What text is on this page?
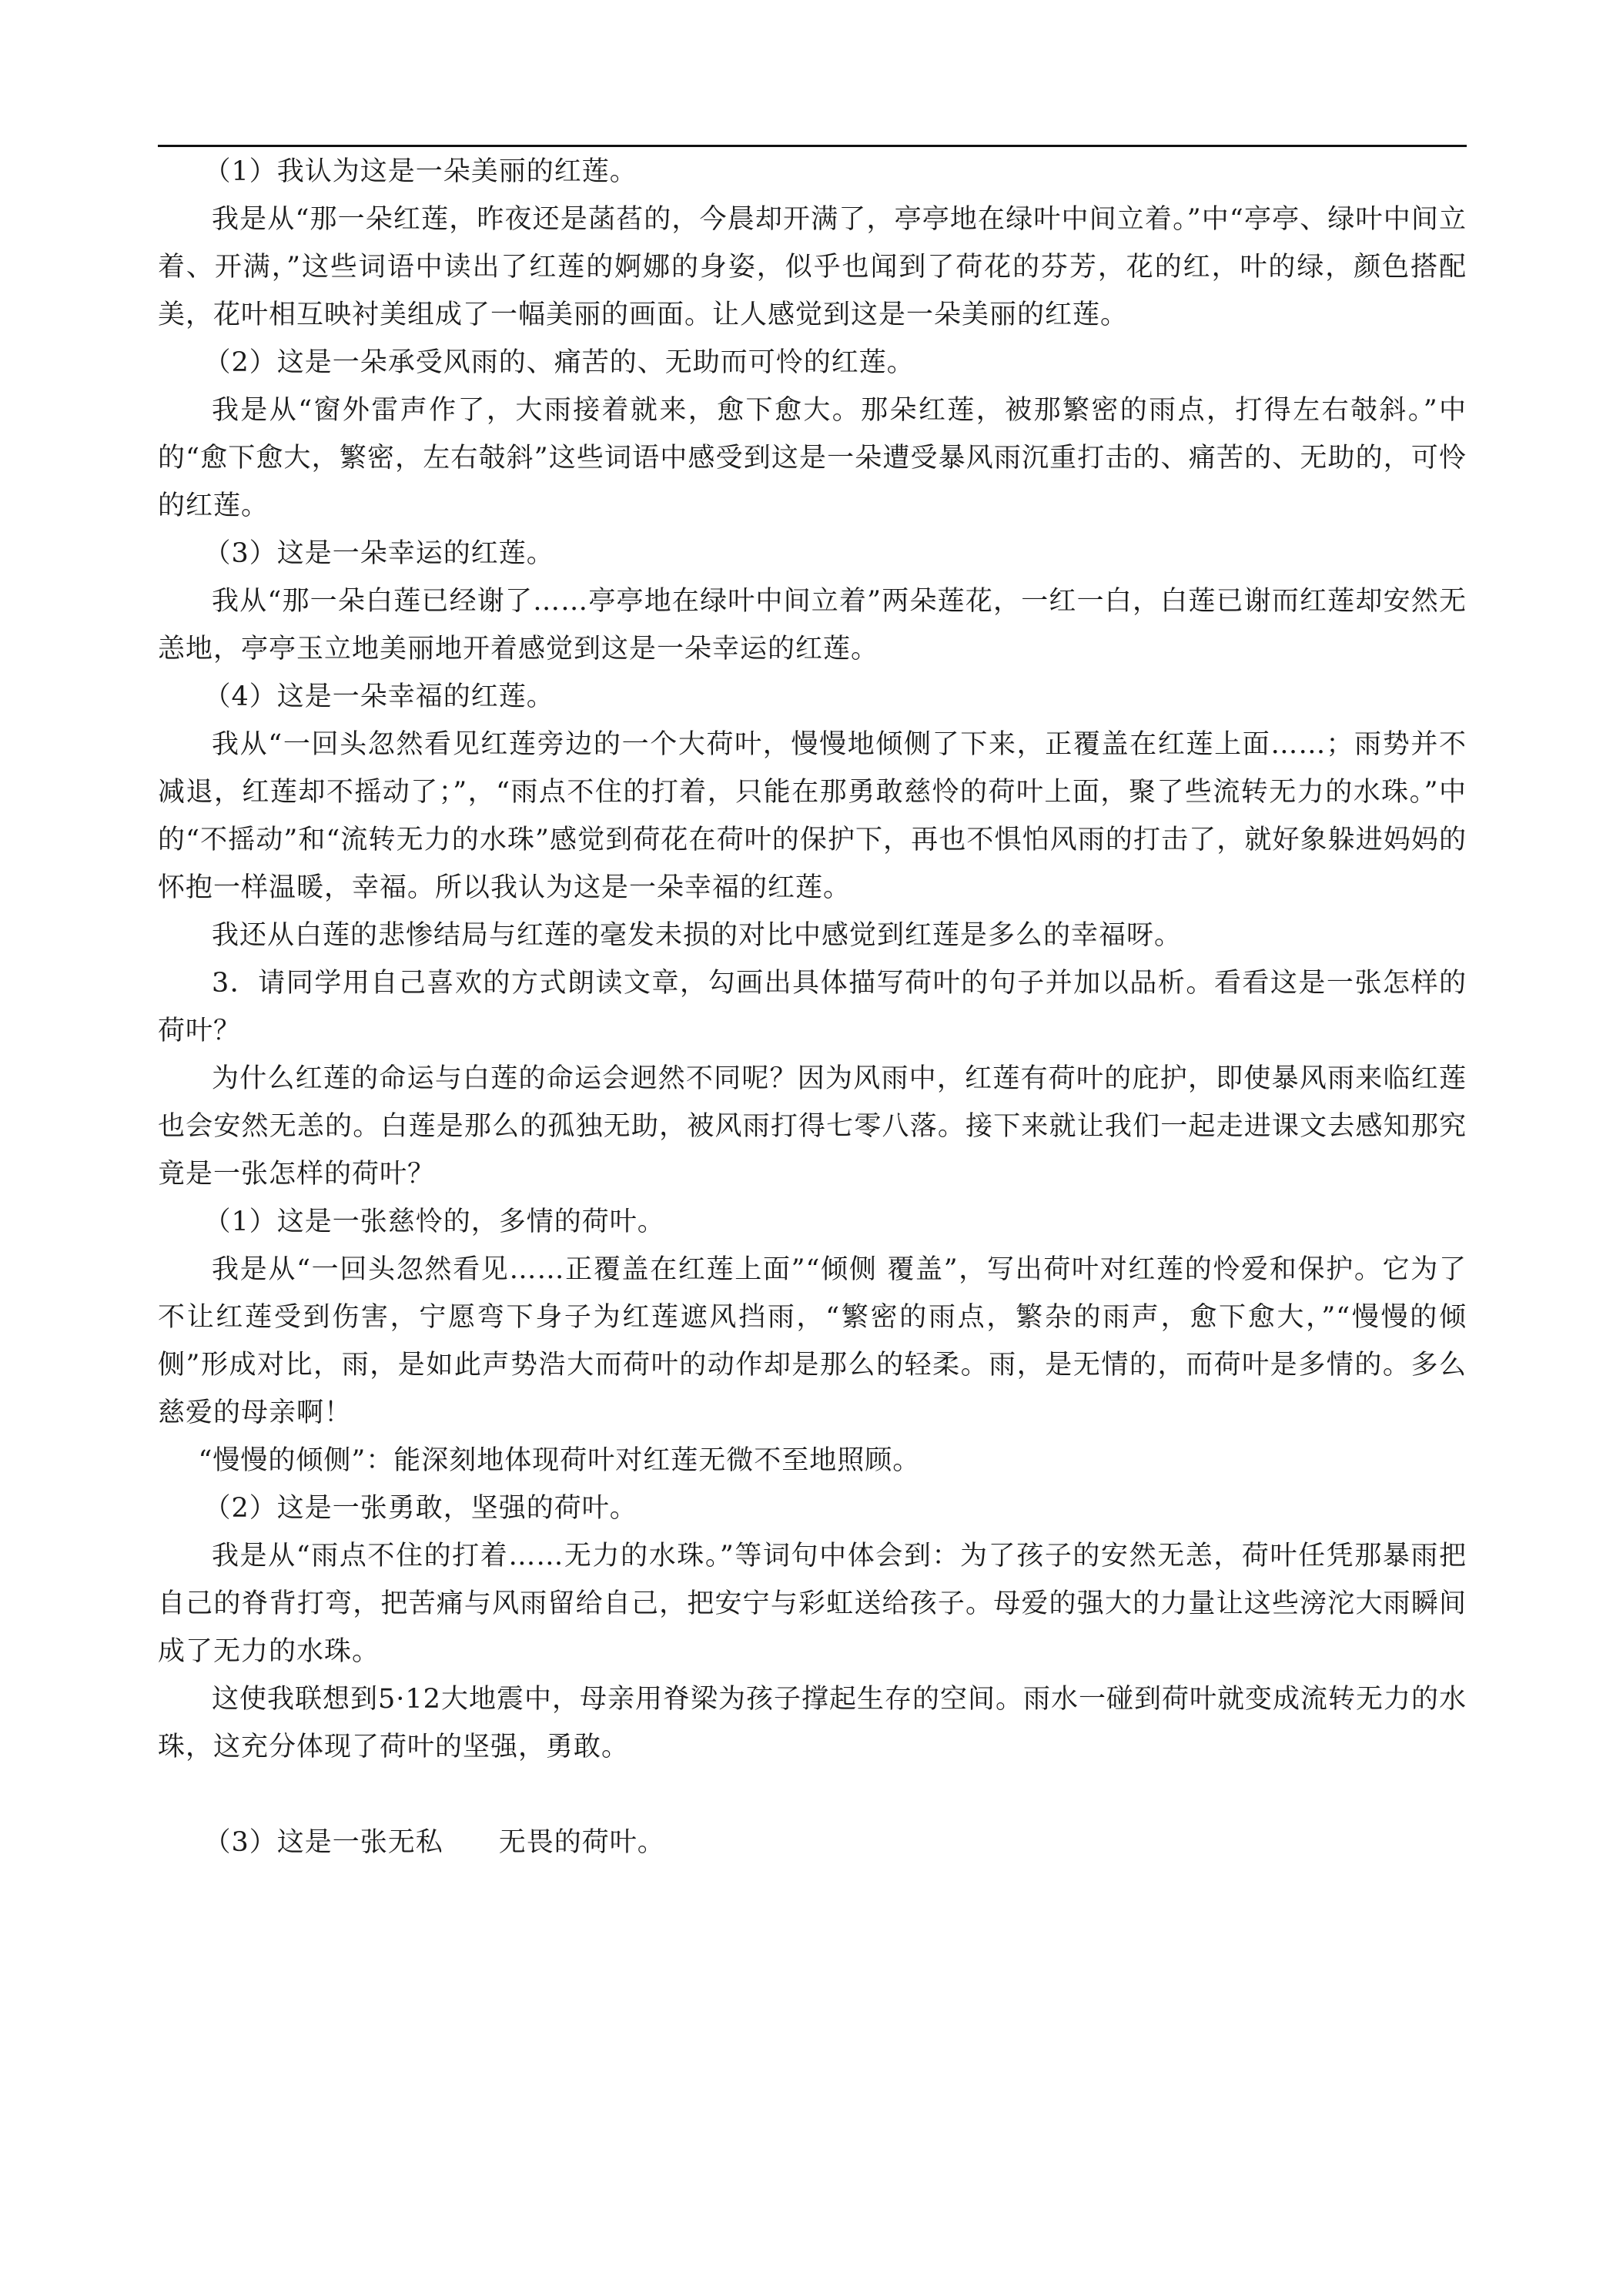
（1）我认为这是一朵美丽的红莲。

我是从“那一朵红莲，昨夜还是菡萏的，今晨却开满了，亭亭地在绿叶中间立着。”中“亭亭、绿叶中间立着、开满，”这些词语中读出了红莲的婀娜的身姿，似乎也闻到了荷花的芬芳，花的红，叶的绿，颜色搭配美，花叶相互映衬美组成了一幅美丽的画面。让人感觉到这是一朵美丽的红莲。

（2）这是一朵承受风雨的、痛苦的、无助而可怜的红莲。

我是从“窗外雷声作了，大雨接着就来，愈下愈大。那朵红莲，被那繁密的雨点，打得左右攲斜。”中的“愈下愈大，繁密，左右攲斜”这些词语中感受到这是一朵遭受暴风雨沉重打击的、痛苦的、无助的，可怜的红莲。

（3）这是一朵幸运的红莲。

我从“那一朵白莲已经谢了……亭亭地在绿叶中间立着”两朵莲花，一红一白，白莲已谢而红莲却安然无恙地，亭亭玉立地美丽地开着感觉到这是一朵幸运的红莲。

（4）这是一朵幸福的红莲。

我从“一回头忽然看见红莲旁边的一个大荷叶，慢慢地倾侧了下来，正覆盖在红莲上面……；雨势并不减退，红莲却不摇动了；”，“雨点不住的打着，只能在那勇敢慈怜的荷叶上面，聚了些流转无力的水珠。”中的“不摇动”和“流转无力的水珠”感觉到荷花在荷叶的保护下，再也不惧怕风雨的打击了，就好象躲进妈妈的怀抱一样温暖，幸福。所以我认为这是一朵幸福的红莲。

我还从白莲的悲惨结局与红莲的毫发未损的对比中感觉到红莲是多么的幸福呀。

3．请同学用自己喜欢的方式朗读文章，勾画出具体描写荷叶的句子并加以品析。看看这是一张怎样的荷叶？

为什么红莲的命运与白莲的命运会迥然不同呢？因为风雨中，红莲有荷叶的庇护，即使暴风雨来临红莲也会安然无恙的。白莲是那么的孤独无助，被风雨打得七零八落。接下来就让我们一起走进课文去感知那究竟是一张怎样的荷叶？

（1）这是一张慈怜的，多情的荷叶。

我是从“一回头忽然看见……正覆盖在红莲上面”“倾侧 覆盖”，写出荷叶对红莲的怜爱和保护。它为了不让红莲受到伤害，宁愿弯下身子为红莲遮风挡雨，“繁密的雨点，繁杂的雨声，愈下愈大，”“慢慢的倾侧”形成对比，雨，是如此声势浩大而荷叶的动作却是那么的轻柔。雨，是无情的，而荷叶是多情的。多么慈爱的母亲啊！

“慢慢的倾侧”：能深刻地体现荷叶对红莲无微不至地照顾。

（2）这是一张勇敢，坚强的荷叶。

我是从“雨点不住的打着……无力的水珠。”等词句中体会到：为了孩子的安然无恙，荷叶任凭那暴雨把自己的脊背打弯，把苦痛与风雨留给自己，把安宁与彩虹送给孩子。母爱的强大的力量让这些滂沱大雨瞬间成了无力的水珠。

这使我联想到5·12大地震中，母亲用脊梁为孩子撑起生存的空间。雨水一碰到荷叶就变成流转无力的水珠，这充分体现了荷叶的坚强，勇敢。

（3）这是一张无私　　无畏的荷叶。
